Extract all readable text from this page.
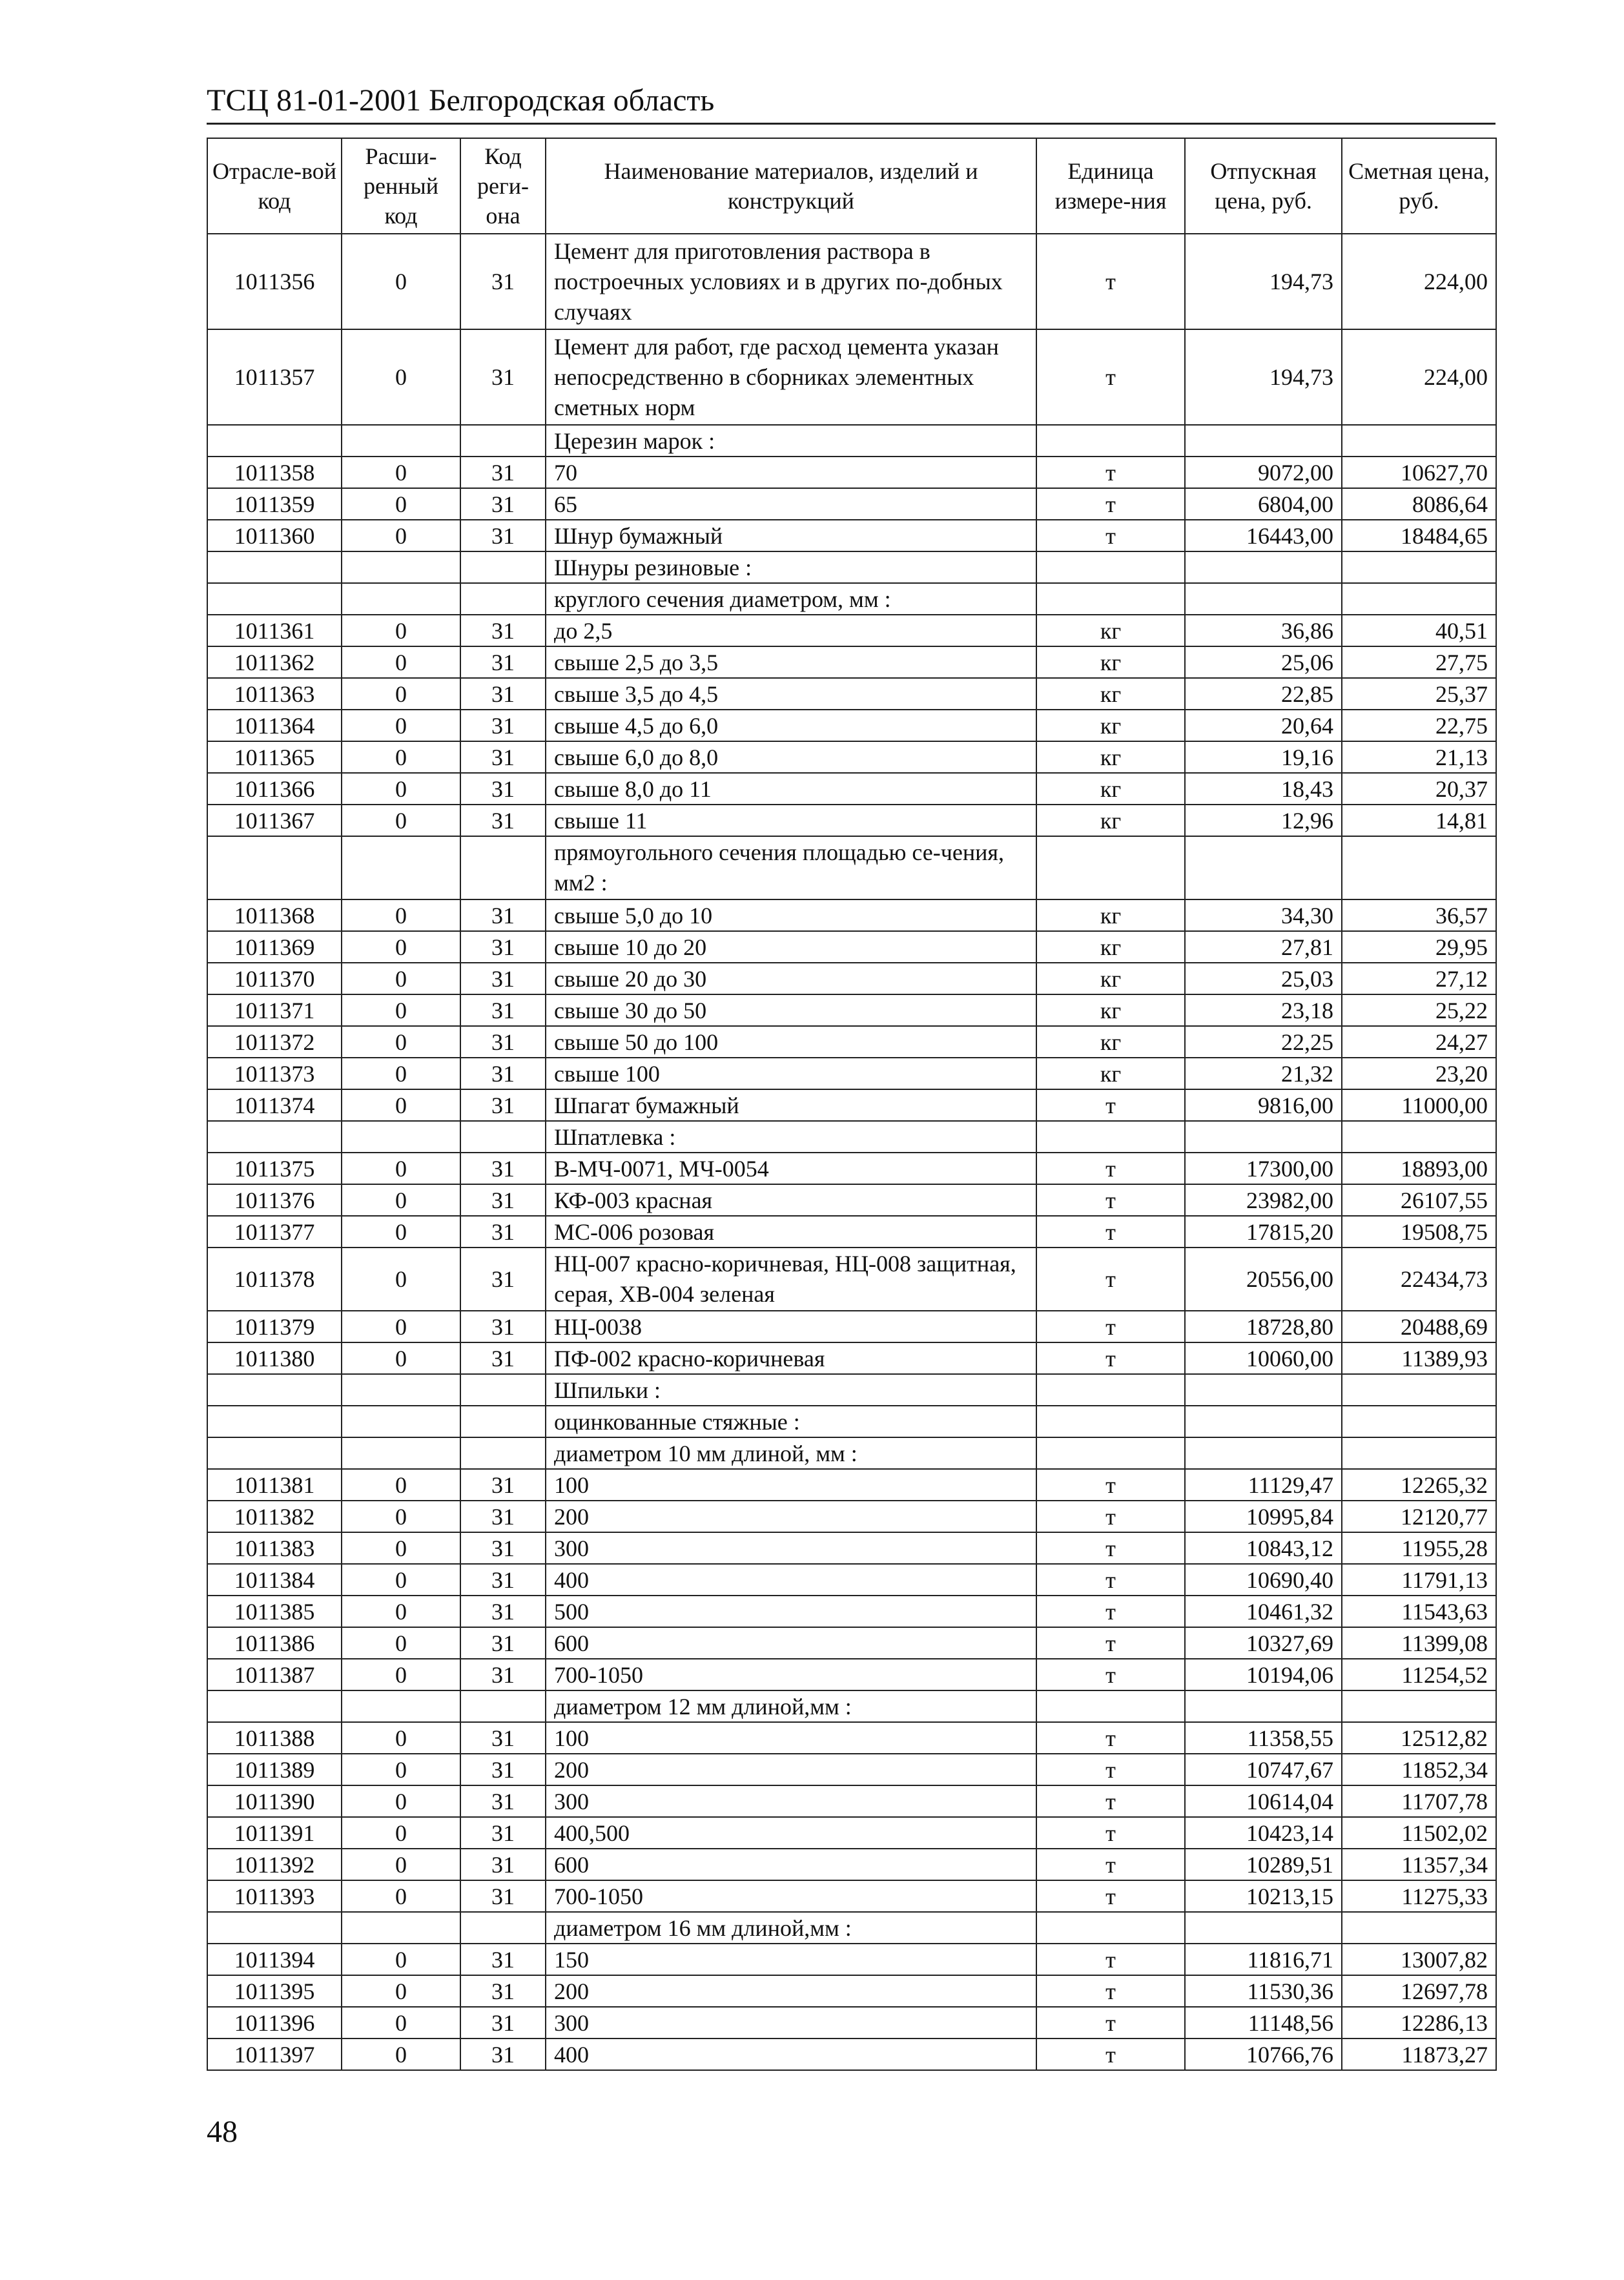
ТСЦ 81-01-2001 Белгородская область
Отрасле-вой код	Расши-ренный код	Код реги-она	Наименование материалов, изделий и конструкций	Единица измере-ния	Отпускная цена, руб.	Сметная цена, руб.
1011356	0	31	Цемент для приготовления раствора в построечных условиях и в других по-добных случаях	т	194,73	224,00
1011357	0	31	Цемент для работ, где расход цемента указан непосредственно в сборниках элементных сметных норм	т	194,73	224,00
			Церезин марок :			
1011358	0	31	70	т	9072,00	10627,70
1011359	0	31	65	т	6804,00	8086,64
1011360	0	31	Шнур бумажный	т	16443,00	18484,65
			Шнуры резиновые :			
			круглого сечения диаметром, мм :			
1011361	0	31	до 2,5	кг	36,86	40,51
1011362	0	31	свыше 2,5 до 3,5	кг	25,06	27,75
1011363	0	31	свыше 3,5 до 4,5	кг	22,85	25,37
1011364	0	31	свыше 4,5 до 6,0	кг	20,64	22,75
1011365	0	31	свыше 6,0 до 8,0	кг	19,16	21,13
1011366	0	31	свыше 8,0 до 11	кг	18,43	20,37
1011367	0	31	свыше 11	кг	12,96	14,81
			прямоугольного сечения площадью се-чения, мм2 :			
1011368	0	31	свыше 5,0 до 10	кг	34,30	36,57
1011369	0	31	свыше 10 до 20	кг	27,81	29,95
1011370	0	31	свыше 20 до 30	кг	25,03	27,12
1011371	0	31	свыше 30 до 50	кг	23,18	25,22
1011372	0	31	свыше 50 до 100	кг	22,25	24,27
1011373	0	31	свыше 100	кг	21,32	23,20
1011374	0	31	Шпагат бумажный	т	9816,00	11000,00
			Шпатлевка :			
1011375	0	31	В-МЧ-0071, МЧ-0054	т	17300,00	18893,00
1011376	0	31	КФ-003 красная	т	23982,00	26107,55
1011377	0	31	МС-006 розовая	т	17815,20	19508,75
1011378	0	31	НЦ-007 красно-коричневая, НЦ-008 защитная, серая, ХВ-004 зеленая	т	20556,00	22434,73
1011379	0	31	НЦ-0038	т	18728,80	20488,69
1011380	0	31	ПФ-002 красно-коричневая	т	10060,00	11389,93
			Шпильки :			
			оцинкованные стяжные :			
			диаметром 10 мм длиной, мм :			
1011381	0	31	100	т	11129,47	12265,32
1011382	0	31	200	т	10995,84	12120,77
1011383	0	31	300	т	10843,12	11955,28
1011384	0	31	400	т	10690,40	11791,13
1011385	0	31	500	т	10461,32	11543,63
1011386	0	31	600	т	10327,69	11399,08
1011387	0	31	700-1050	т	10194,06	11254,52
			диаметром 12 мм длиной,мм :			
1011388	0	31	100	т	11358,55	12512,82
1011389	0	31	200	т	10747,67	11852,34
1011390	0	31	300	т	10614,04	11707,78
1011391	0	31	400,500	т	10423,14	11502,02
1011392	0	31	600	т	10289,51	11357,34
1011393	0	31	700-1050	т	10213,15	11275,33
			диаметром 16 мм длиной,мм :			
1011394	0	31	150	т	11816,71	13007,82
1011395	0	31	200	т	11530,36	12697,78
1011396	0	31	300	т	11148,56	12286,13
1011397	0	31	400	т	10766,76	11873,27
48
